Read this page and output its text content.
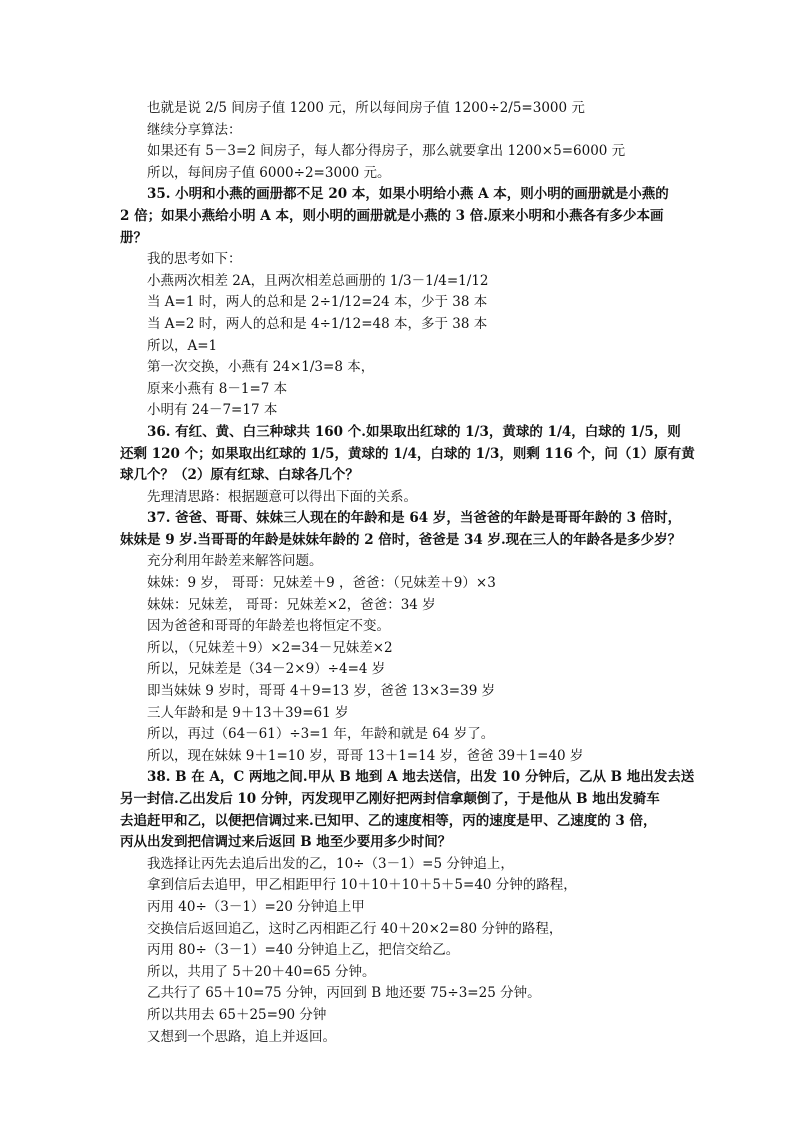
也就是说 2/5 间房子值 1200 元，所以每间房子值 1200÷2/5=3000 元
继续分享算法：
如果还有 5－3=2 间房子，每人都分得房子，那么就要拿出 1200×5=6000 元
所以，每间房子值 6000÷2=3000 元。
35. 小明和小燕的画册都不足 20 本，如果小明给小燕 A 本，则小明的画册就是小燕的
2 倍；如果小燕给小明 A 本，则小明的画册就是小燕的 3 倍.原来小明和小燕各有多少本画
册？
我的思考如下：
小燕两次相差 2A，且两次相差总画册的 1/3－1/4=1/12
当 A=1 时，两人的总和是 2÷1/12=24 本，少于 38 本
当 A=2 时，两人的总和是 4÷1/12=48 本，多于 38 本
所以，A=1
第一次交换，小燕有 24×1/3=8 本，
原来小燕有 8－1=7 本
小明有 24－7=17 本
36. 有红、黄、白三种球共 160 个.如果取出红球的 1/3，黄球的 1/4，白球的 1/5，则
还剩 120 个；如果取出红球的 1/5，黄球的 1/4，白球的 1/3，则剩 116 个，问（1）原有黄
球几个？（2）原有红球、白球各几个？
先理清思路：根据题意可以得出下面的关系。
37. 爸爸、哥哥、妹妹三人现在的年龄和是 64 岁，当爸爸的年龄是哥哥年龄的 3 倍时，
妹妹是 9 岁.当哥哥的年龄是妹妹年龄的 2 倍时，爸爸是 34 岁.现在三人的年龄各是多少岁？
充分利用年龄差来解答问题。
妹妹：9 岁， 哥哥：兄妹差＋9 ，爸爸：（兄妹差＋9）×3
妹妹：兄妹差， 哥哥：兄妹差×2，爸爸：34 岁
因为爸爸和哥哥的年龄差也将恒定不变。
所以，（兄妹差＋9）×2=34－兄妹差×2
所以，兄妹差是（34－2×9）÷4=4 岁
即当妹妹 9 岁时，哥哥 4＋9=13 岁，爸爸 13×3=39 岁
三人年龄和是 9＋13＋39=61 岁
所以，再过（64－61）÷3=1 年，年龄和就是 64 岁了。
所以，现在妹妹 9＋1=10 岁，哥哥 13＋1=14 岁，爸爸 39＋1=40 岁
38. B 在 A，C 两地之间.甲从 B 地到 A 地去送信，出发 10 分钟后，乙从 B 地出发去送
另一封信.乙出发后 10 分钟，丙发现甲乙刚好把两封信拿颠倒了，于是他从 B 地出发骑车
去追赶甲和乙，以便把信调过来.已知甲、乙的速度相等，丙的速度是甲、乙速度的 3 倍，
丙从出发到把信调过来后返回 B 地至少要用多少时间？
我选择让丙先去追后出发的乙，10÷（3－1）=5 分钟追上，
拿到信后去追甲，甲乙相距甲行 10＋10＋10＋5＋5=40 分钟的路程，
丙用 40÷（3－1）=20 分钟追上甲
交换信后返回追乙，这时乙丙相距乙行 40＋20×2=80 分钟的路程，
丙用 80÷（3－1）=40 分钟追上乙，把信交给乙。
所以，共用了 5＋20＋40=65 分钟。
乙共行了 65＋10=75 分钟，丙回到 B 地还要 75÷3=25 分钟。
所以共用去 65＋25=90 分钟
又想到一个思路，追上并返回。
